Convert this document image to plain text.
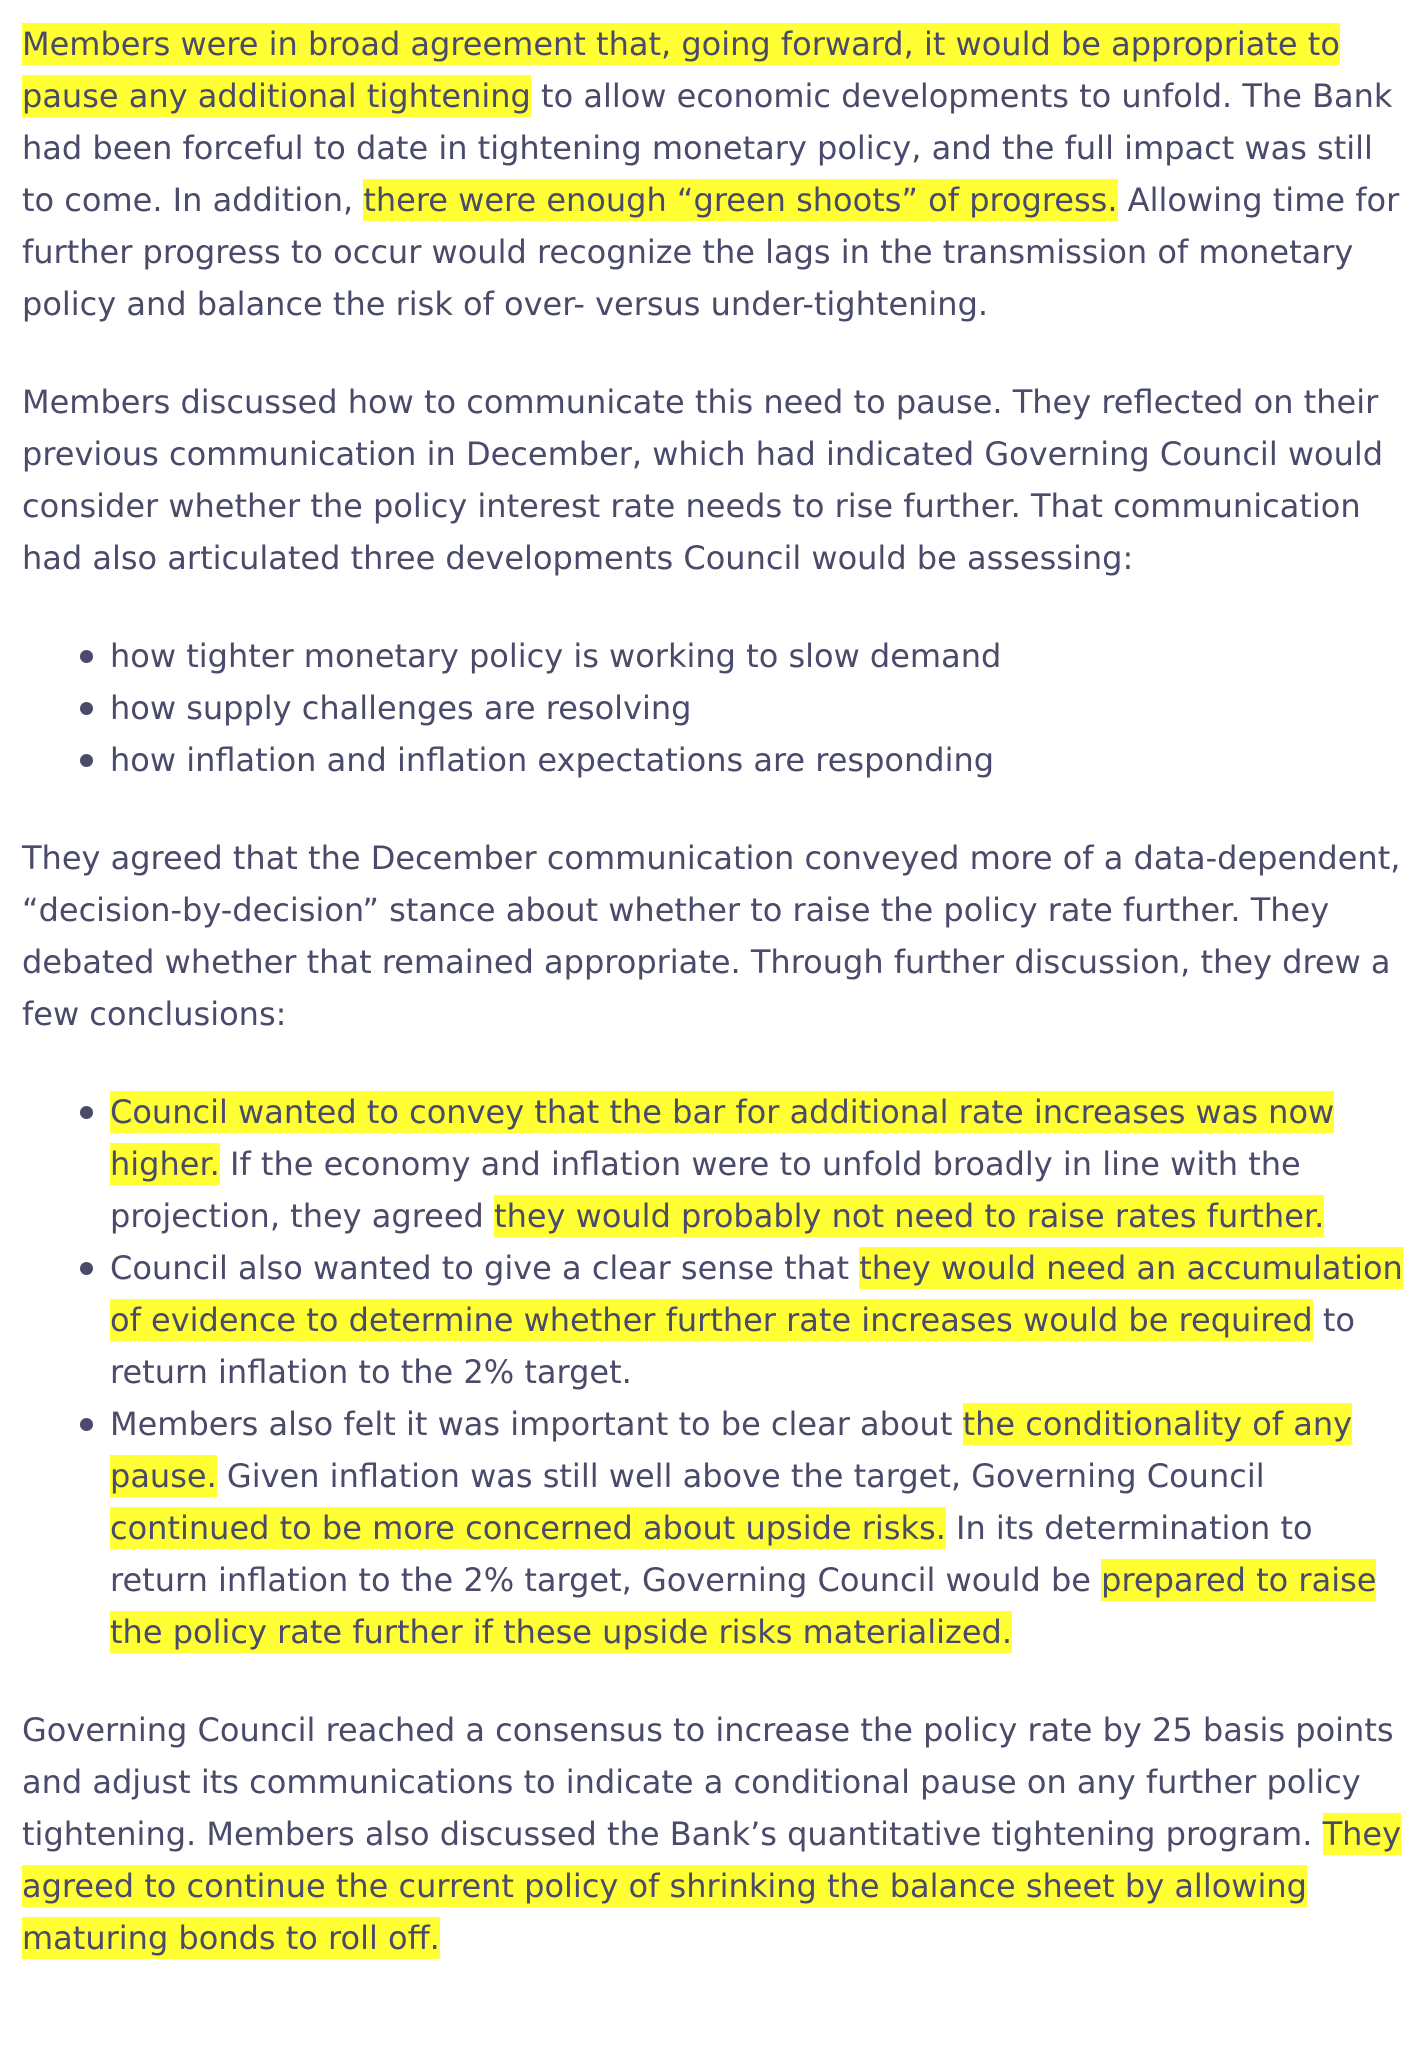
Members were in broad agreement that, going forward, it would be appropriate to pause any additional tightening to allow economic developments to unfold. The Bank had been forceful to date in tightening monetary policy, and the full impact was still to come. In addition, there were enough “green shoots” of progress. Allowing time for further progress to occur would recognize the lags in the transmission of monetary policy and balance the risk of over- versus under-tightening.

Members discussed how to communicate this need to pause. They reflected on their previous communication in December, which had indicated Governing Council would consider whether the policy interest rate needs to rise further. That communication had also articulated three developments Council would be assessing:

how tighter monetary policy is working to slow demand
how supply challenges are resolving
how inflation and inflation expectations are responding

They agreed that the December communication conveyed more of a data-dependent, “decision-by-decision” stance about whether to raise the policy rate further. They debated whether that remained appropriate. Through further discussion, they drew a few conclusions:

Council wanted to convey that the bar for additional rate increases was now higher. If the economy and inflation were to unfold broadly in line with the projection, they agreed they would probably not need to raise rates further.
Council also wanted to give a clear sense that they would need an accumulation of evidence to determine whether further rate increases would be required to return inflation to the 2% target.
Members also felt it was important to be clear about the conditionality of any pause. Given inflation was still well above the target, Governing Council continued to be more concerned about upside risks. In its determination to return inflation to the 2% target, Governing Council would be prepared to raise the policy rate further if these upside risks materialized.

Governing Council reached a consensus to increase the policy rate by 25 basis points and adjust its communications to indicate a conditional pause on any further policy tightening. Members also discussed the Bank’s quantitative tightening program. They agreed to continue the current policy of shrinking the balance sheet by allowing maturing bonds to roll off.
